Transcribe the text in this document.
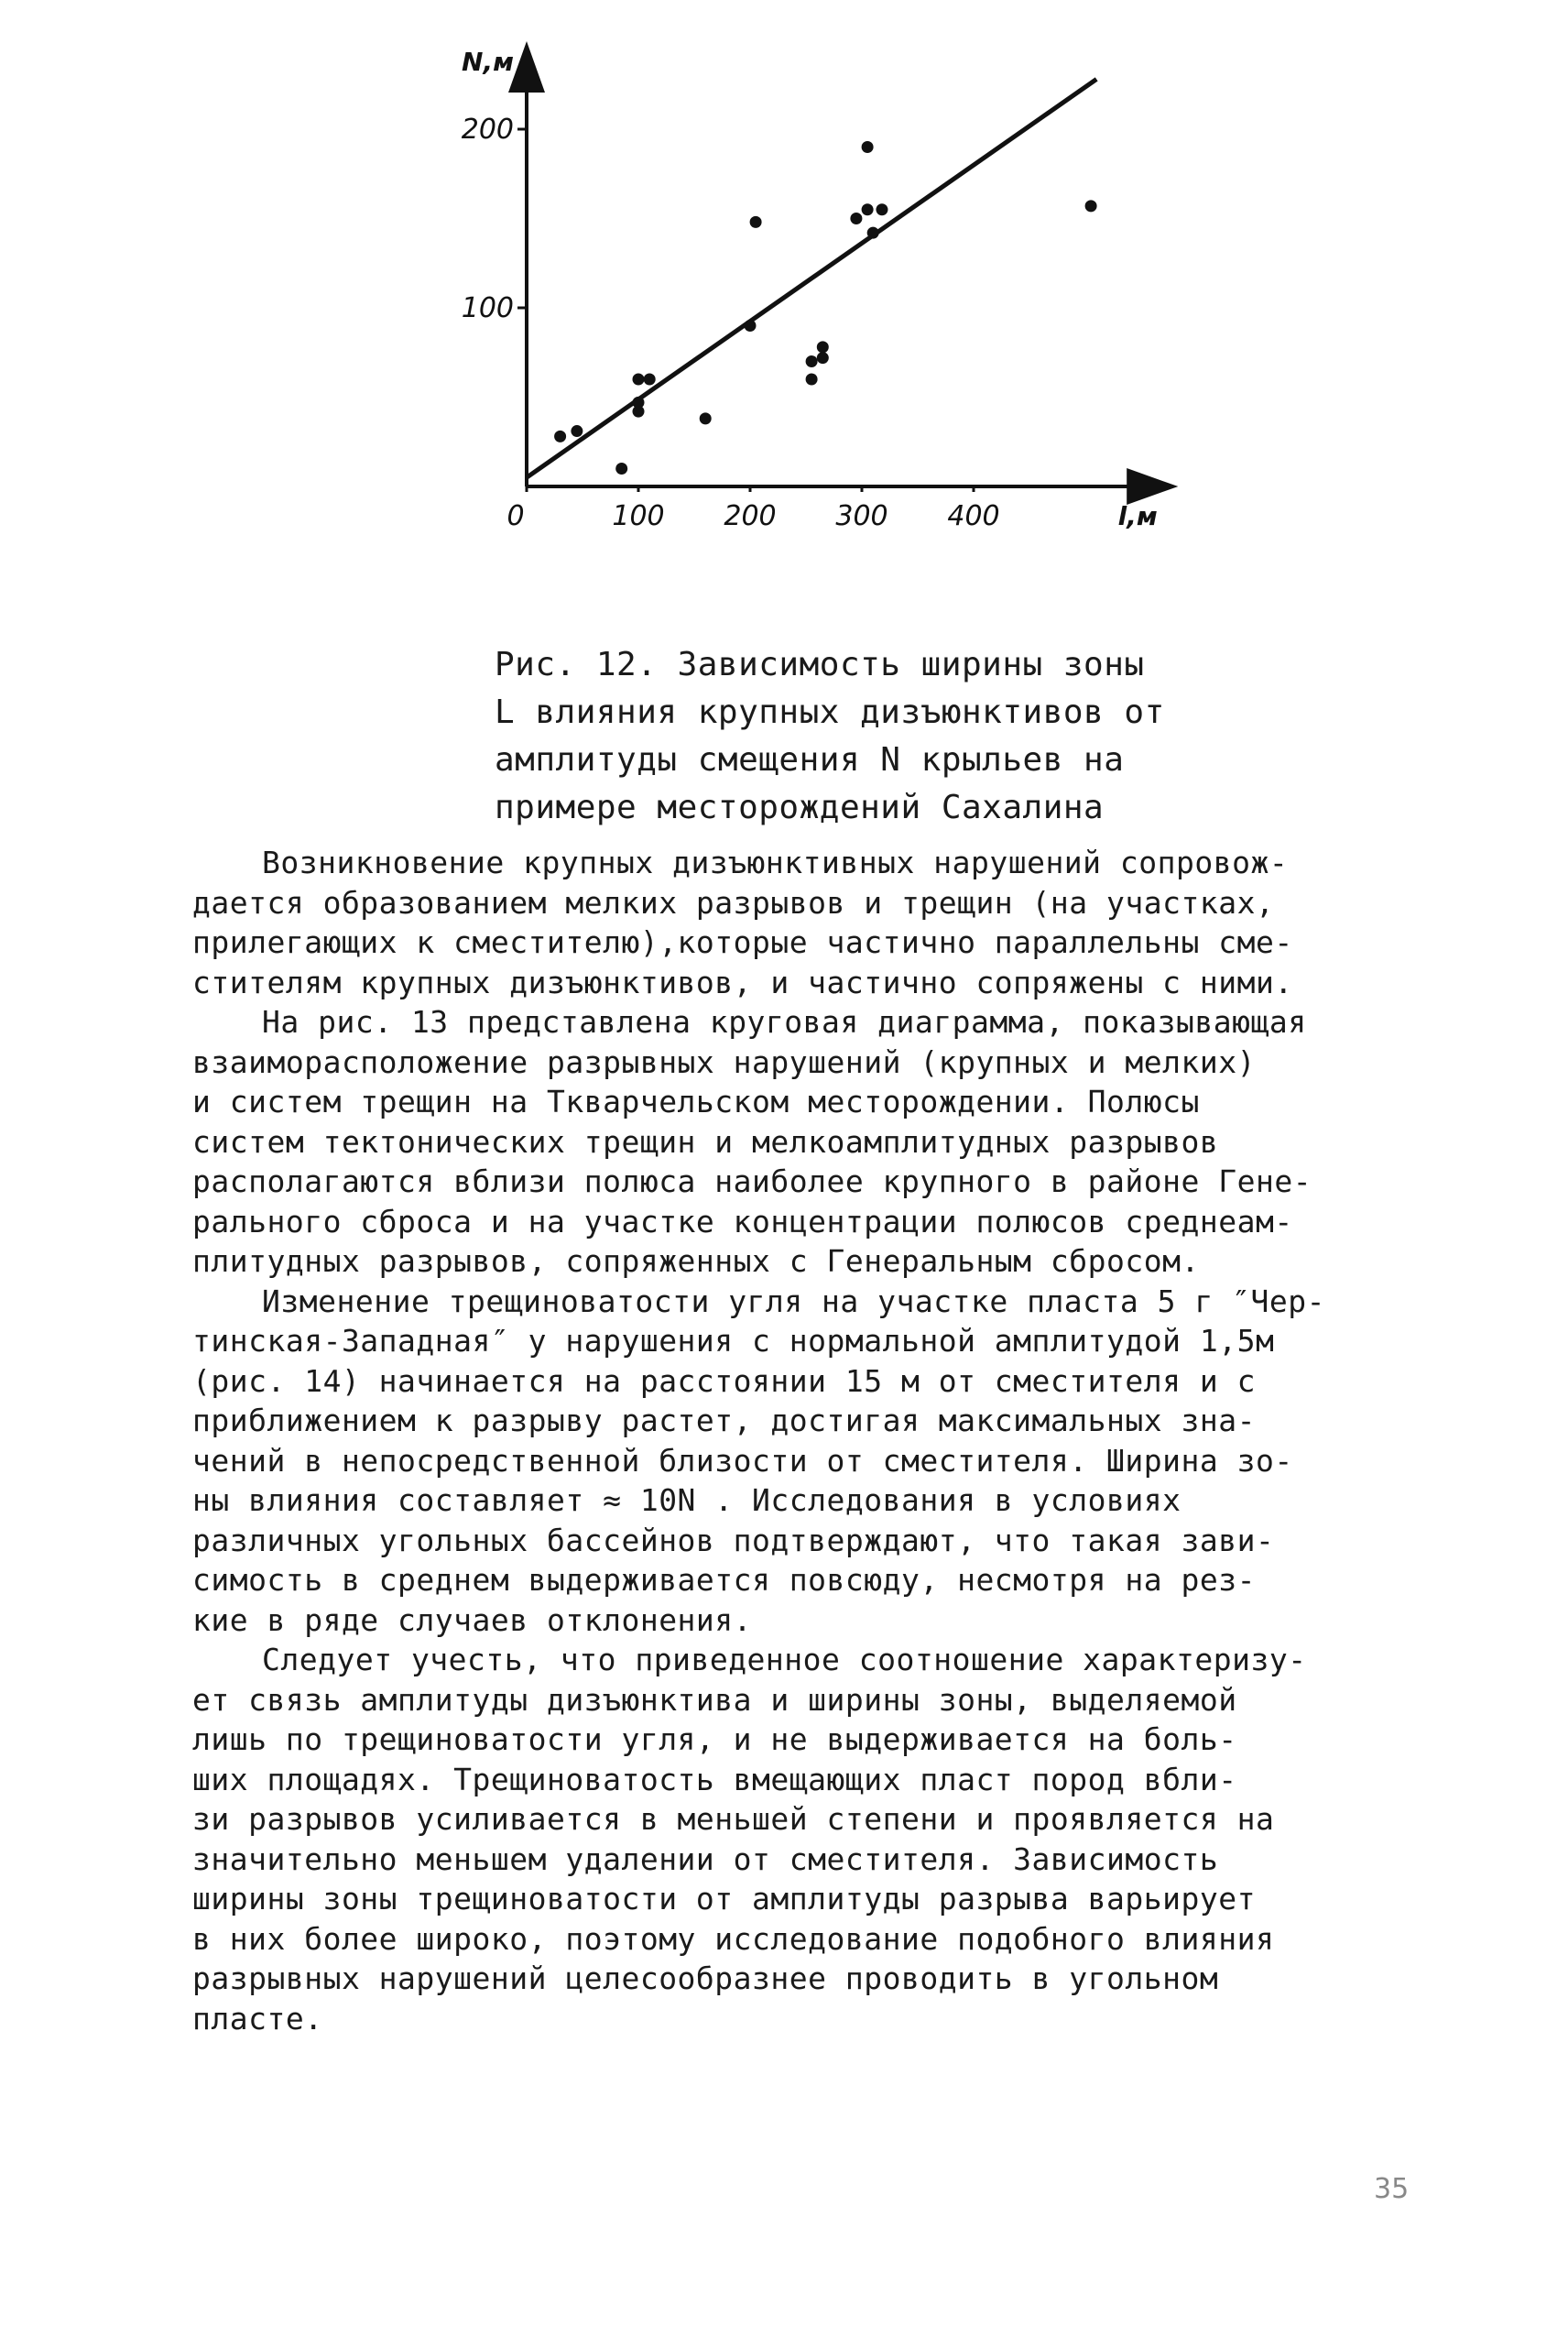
0	100 200 300 400
100
200
N,м
l,м

Рис. 12. Зависимость ширины зоны

L влияния крупных дизъюнктивов от

амплитуды смещения N крыльев на

примере месторождений Сахалина

Возникновение крупных дизъюнктивных нарушений сопровож-

дается образованием мелких разрывов и трещин (на участках,

прилегающих к сместителю),которые частично параллельны сме-

стителям крупных дизъюнктивов, и частично сопряжены с ними.

На рис. 13 представлена круговая диаграмма, показывающая

взаиморасположение разрывных нарушений (крупных и мелких)

и систем трещин на Ткварчельском месторождении. Полюсы

систем тектонических трещин и мелкоамплитудных разрывов

располагаются вблизи полюса наиболее крупного в районе Гене-

рального сброса и на участке концентрации полюсов среднеам-

плитудных разрывов, сопряженных с Генеральным сбросом.

Изменение трещиноватости угля на участке пласта 5 г ″Чер-

тинская-Западная″ у нарушения с нормальной амплитудой 1,5м

(рис. 14) начинается на расстоянии 15 м от сместителя и с

приближением к разрыву растет, достигая максимальных зна-

чений в непосредственной близости от сместителя. Ширина зо-

ны влияния составляет ≈ 10N . Исследования в условиях

различных угольных бассейнов подтверждают, что такая зави-

симость в среднем выдерживается повсюду, несмотря на рез-

кие в ряде случаев отклонения.

Следует учесть, что приведенное соотношение характеризу-

ет связь амплитуды дизъюнктива и ширины зоны, выделяемой

лишь по трещиноватости угля, и не выдерживается на боль-

ших площадях. Трещиноватость вмещающих пласт пород вбли-

зи разрывов усиливается в меньшей степени и проявляется на

значительно меньшем удалении от сместителя. Зависимость

ширины зоны трещиноватости от амплитуды разрыва варьирует

в них более широко, поэтому исследование подобного влияния

разрывных нарушений целесообразнее проводить в угольном

пласте.

35
